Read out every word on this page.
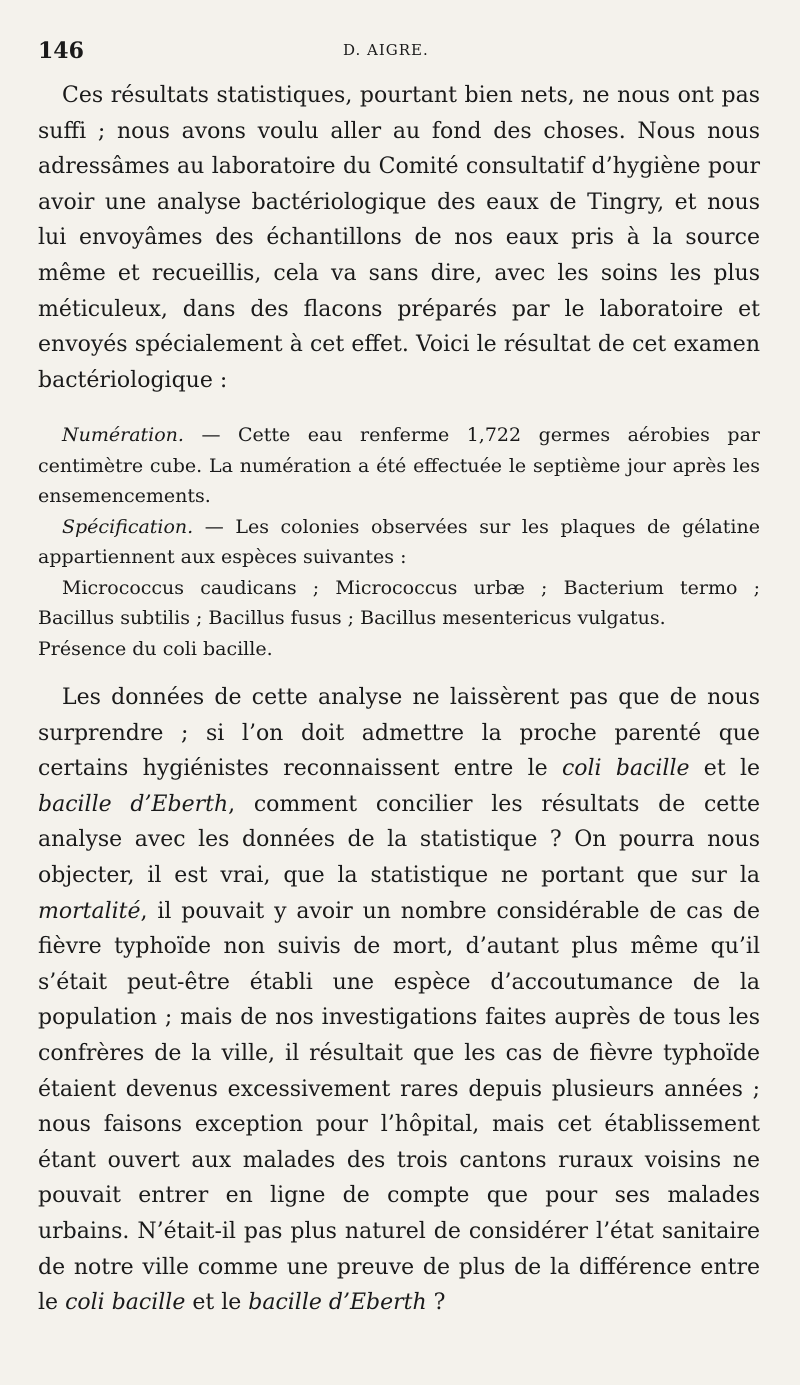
146	D. AIGRE.

Ces résultats statistiques, pourtant bien nets, ne nous ont pas suffi ; nous avons voulu aller au fond des choses. Nous nous adressâmes au laboratoire du Comité consultatif d’hygiène pour avoir une analyse bactériologique des eaux de Tingry, et nous lui envoyâmes des échantillons de nos eaux pris à la source même et recueillis, cela va sans dire, avec les soins les plus méticuleux, dans des flacons préparés par le laboratoire et envoyés spécialement à cet effet. Voici le résultat de cet examen bactériologique :

Numération. — Cette eau renferme 1,722 germes aérobies par centimètre cube. La numération a été effectuée le septième jour après les ensemencements.

Spécification. — Les colonies observées sur les plaques de gélatine appartiennent aux espèces suivantes :

Micrococcus caudicans ; Micrococcus urbæ ; Bacterium termo ; Bacillus subtilis ; Bacillus fusus ; Bacillus mesentericus vulgatus.

Présence du coli bacille.

Les données de cette analyse ne laissèrent pas que de nous surprendre ; si l’on doit admettre la proche parenté que certains hygiénistes reconnaissent entre le coli bacille et le bacille d’Eberth, comment concilier les résultats de cette analyse avec les données de la statistique ? On pourra nous objecter, il est vrai, que la statistique ne portant que sur la mortalité, il pouvait y avoir un nombre considérable de cas de fièvre typhoïde non suivis de mort, d’autant plus même qu’il s’était peut-être établi une espèce d’accoutumance de la population ; mais de nos investigations faites auprès de tous les confrères de la ville, il résultait que les cas de fièvre typhoïde étaient devenus excessivement rares depuis plusieurs années ; nous faisons exception pour l’hôpital, mais cet établissement étant ouvert aux malades des trois cantons ruraux voisins ne pouvait entrer en ligne de compte que pour ses malades urbains. N’était-il pas plus naturel de considérer l’état sanitaire de notre ville comme une preuve de plus de la différence entre le coli bacille et le bacille d’Eberth ?
